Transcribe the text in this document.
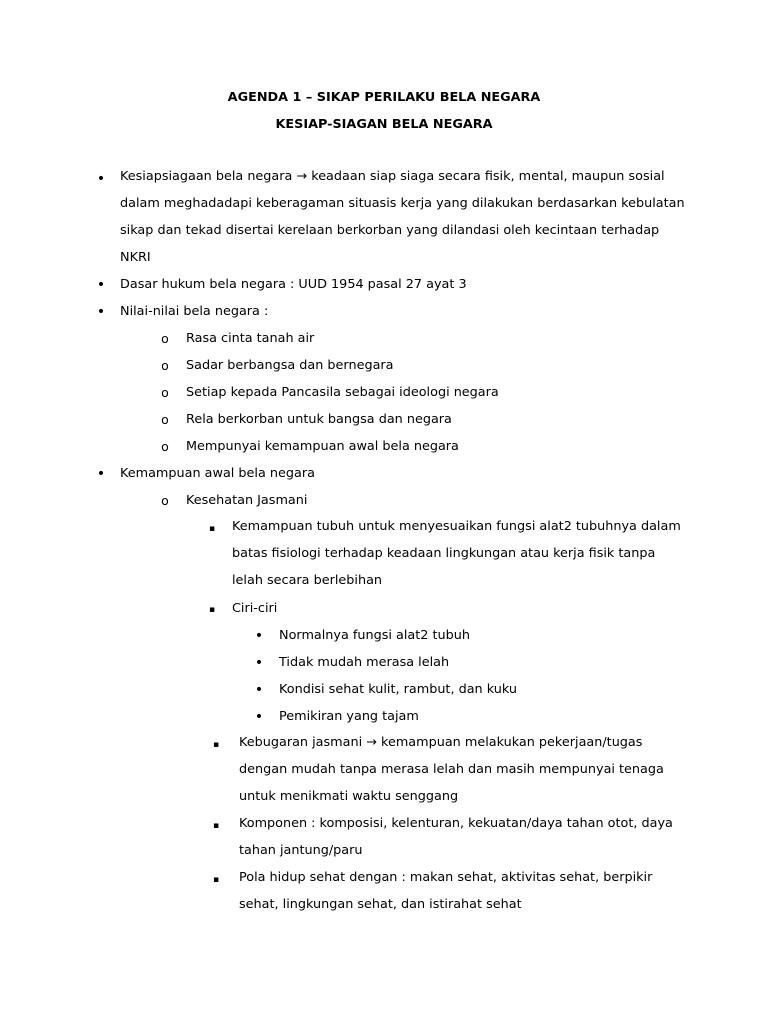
AGENDA 1 – SIKAP PERILAKU BELA NEGARA
KESIAP-SIAGAN BELA NEGARA
• Kesiapsiagaan bela negara → keadaan siap siaga secara fisik, mental, maupun sosial
dalam meghadadapi keberagaman situasis kerja yang dilakukan berdasarkan kebulatan
sikap dan tekad disertai kerelaan berkorban yang dilandasi oleh kecintaan terhadap
NKRI
• Dasar hukum bela negara : UUD 1954 pasal 27 ayat 3
• Nilai-nilai bela negara :
o Rasa cinta tanah air
o Sadar berbangsa dan bernegara
o Setiap kepada Pancasila sebagai ideologi negara
o Rela berkorban untuk bangsa dan negara
o Mempunyai kemampuan awal bela negara
• Kemampuan awal bela negara
o Kesehatan Jasmani
▪ Kemampuan tubuh untuk menyesuaikan fungsi alat2 tubuhnya dalam
batas fisiologi terhadap keadaan lingkungan atau kerja fisik tanpa
lelah secara berlebihan
▪ Ciri-ciri
• Normalnya fungsi alat2 tubuh
• Tidak mudah merasa lelah
• Kondisi sehat kulit, rambut, dan kuku
• Pemikiran yang tajam
▪ Kebugaran jasmani → kemampuan melakukan pekerjaan/tugas
dengan mudah tanpa merasa lelah dan masih mempunyai tenaga
untuk menikmati waktu senggang
▪ Komponen : komposisi, kelenturan, kekuatan/daya tahan otot, daya
tahan jantung/paru
▪ Pola hidup sehat dengan : makan sehat, aktivitas sehat, berpikir
sehat, lingkungan sehat, dan istirahat sehat
